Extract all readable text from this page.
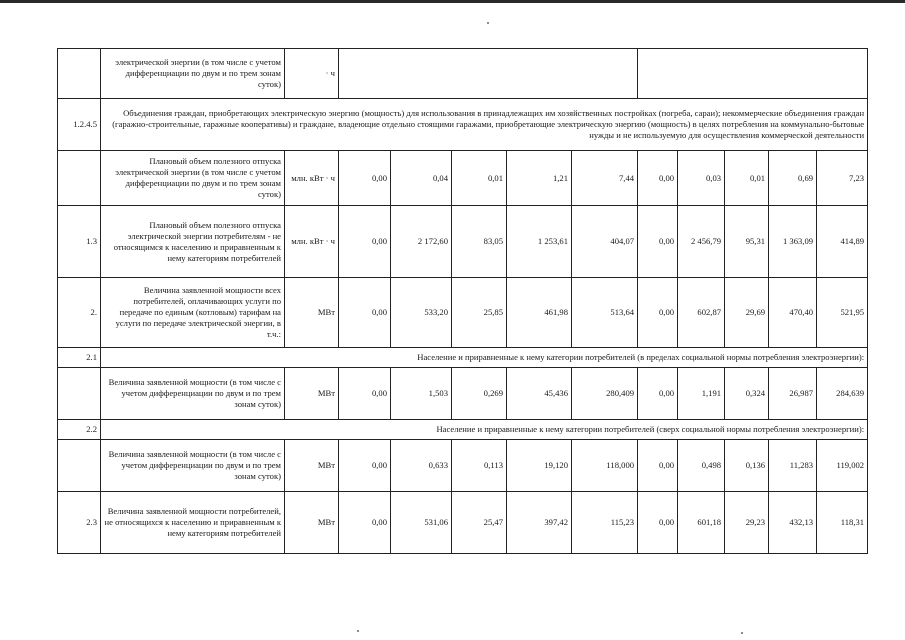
	электрической энергии (в том числе с учетом дифференциации по двум и по трем зонам суток)	· ч										
1.2.4.5	Объединения граждан, приобретающих электрическую энергию (мощность) для использования в принадлежащих им хозяйственных постройках (погреба, сараи); некоммерческие объединения граждан (гаражно-строительные, гаражные кооперативы) и граждане, владеющие отдельно стоящими гаражами, приобретающие электрическую энергию (мощность) в целях потребления на коммунально-бытовые нужды и не используемую для осуществления коммерческой деятельности											
	Плановый объем полезного отпуска электрической энергии (в том числе с учетом дифференциации по двум и по трем зонам суток)	млн. кВт · ч	0,00	0,04	0,01	1,21	7,44	0,00	0,03	0,01	0,69	7,23
1.3	Плановый объем полезного отпуска электрической энергии потребителям - не относящимся к населению и приравненным к нему категориям потребителей	млн. кВт · ч	0,00	2 172,60	83,05	1 253,61	404,07	0,00	2 456,79	95,31	1 363,09	414,89
2.	Величина заявленной мощности всех потребителей, оплачивающих услуги по передаче по единым (котловым) тарифам на услуги по передаче электрической энергии, в т.ч.:	МВт	0,00	533,20	25,85	461,98	513,64	0,00	602,87	29,69	470,40	521,95
2.1	Население и приравненные к нему категории потребителей (в пределах социальной нормы потребления электроэнергии):											
	Величина заявленной мощности (в том числе с учетом дифференциации по двум и по трем зонам суток)	МВт	0,00	1,503	0,269	45,436	280,409	0,00	1,191	0,324	26,987	284,639
2.2	Население и приравненные к нему категории потребителей (сверх социальной нормы потребления электроэнергии):											
	Величина заявленной мощности (в том числе с учетом дифференциации по двум и по трем зонам суток)	МВт	0,00	0,633	0,113	19,120	118,000	0,00	0,498	0,136	11,283	119,002
2.3	Величина заявленной мощности потребителей, не относящихся к населению и приравненным к нему категориям потребителей	МВт	0,00	531,06	25,47	397,42	115,23	0,00	601,18	29,23	432,13	118,31
